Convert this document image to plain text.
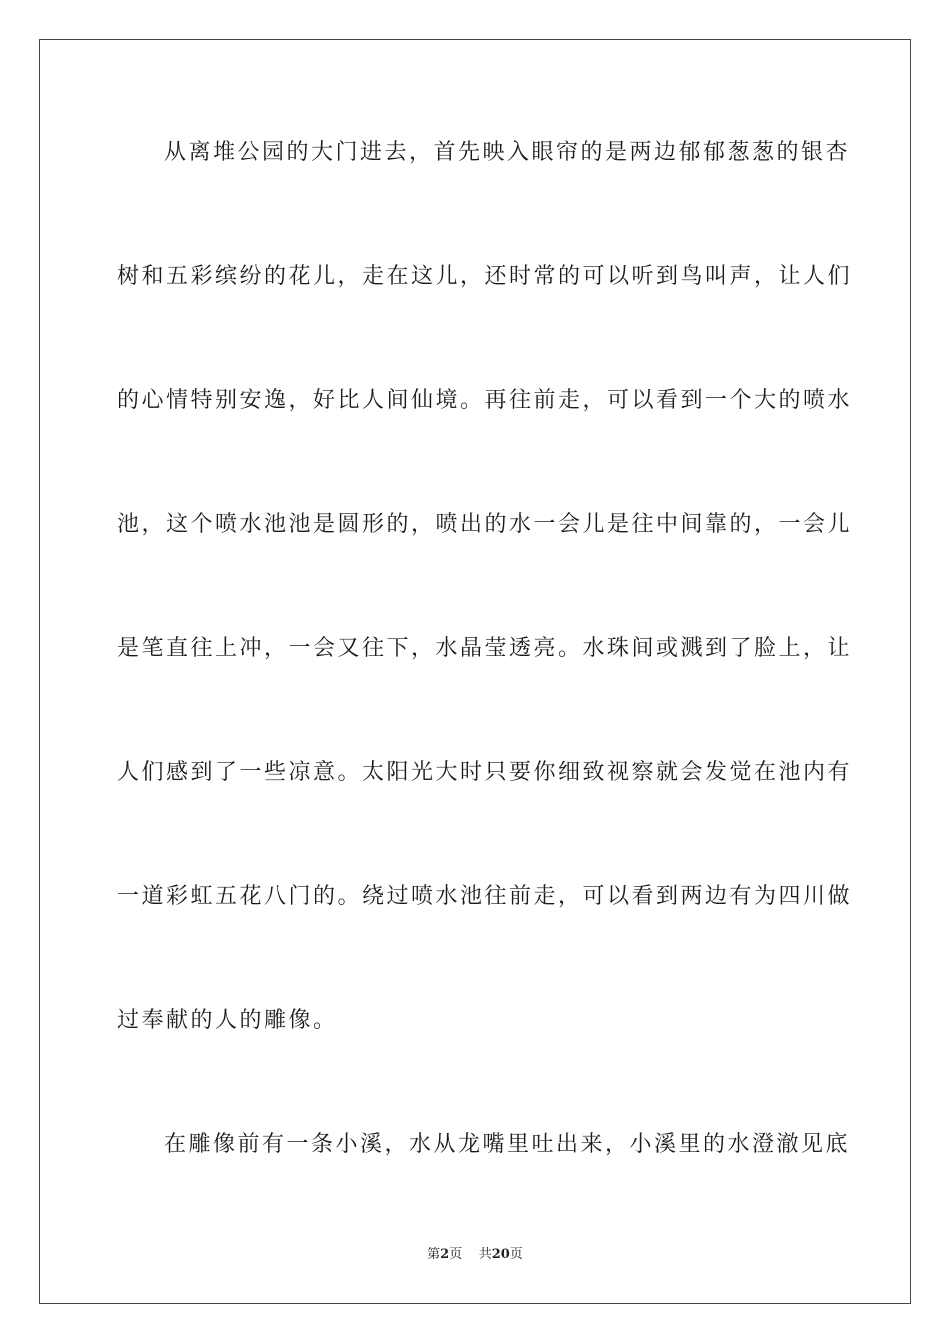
从离堆公园的大门进去，首先映入眼帘的是两边郁郁葱葱的银杏
树和五彩缤纷的花儿，走在这儿，还时常的可以听到鸟叫声，让人们
的心情特别安逸，好比人间仙境。再往前走，可以看到一个大的喷水
池，这个喷水池池是圆形的，喷出的水一会儿是往中间靠的，一会儿
是笔直往上冲，一会又往下，水晶莹透亮。水珠间或溅到了脸上，让
人们感到了一些凉意。太阳光大时只要你细致视察就会发觉在池内有
一道彩虹五花八门的。绕过喷水池往前走，可以看到两边有为四川做
过奉献的人的雕像。
在雕像前有一条小溪，水从龙嘴里吐出来，小溪里的水澄澈见底
第2页 共20页
